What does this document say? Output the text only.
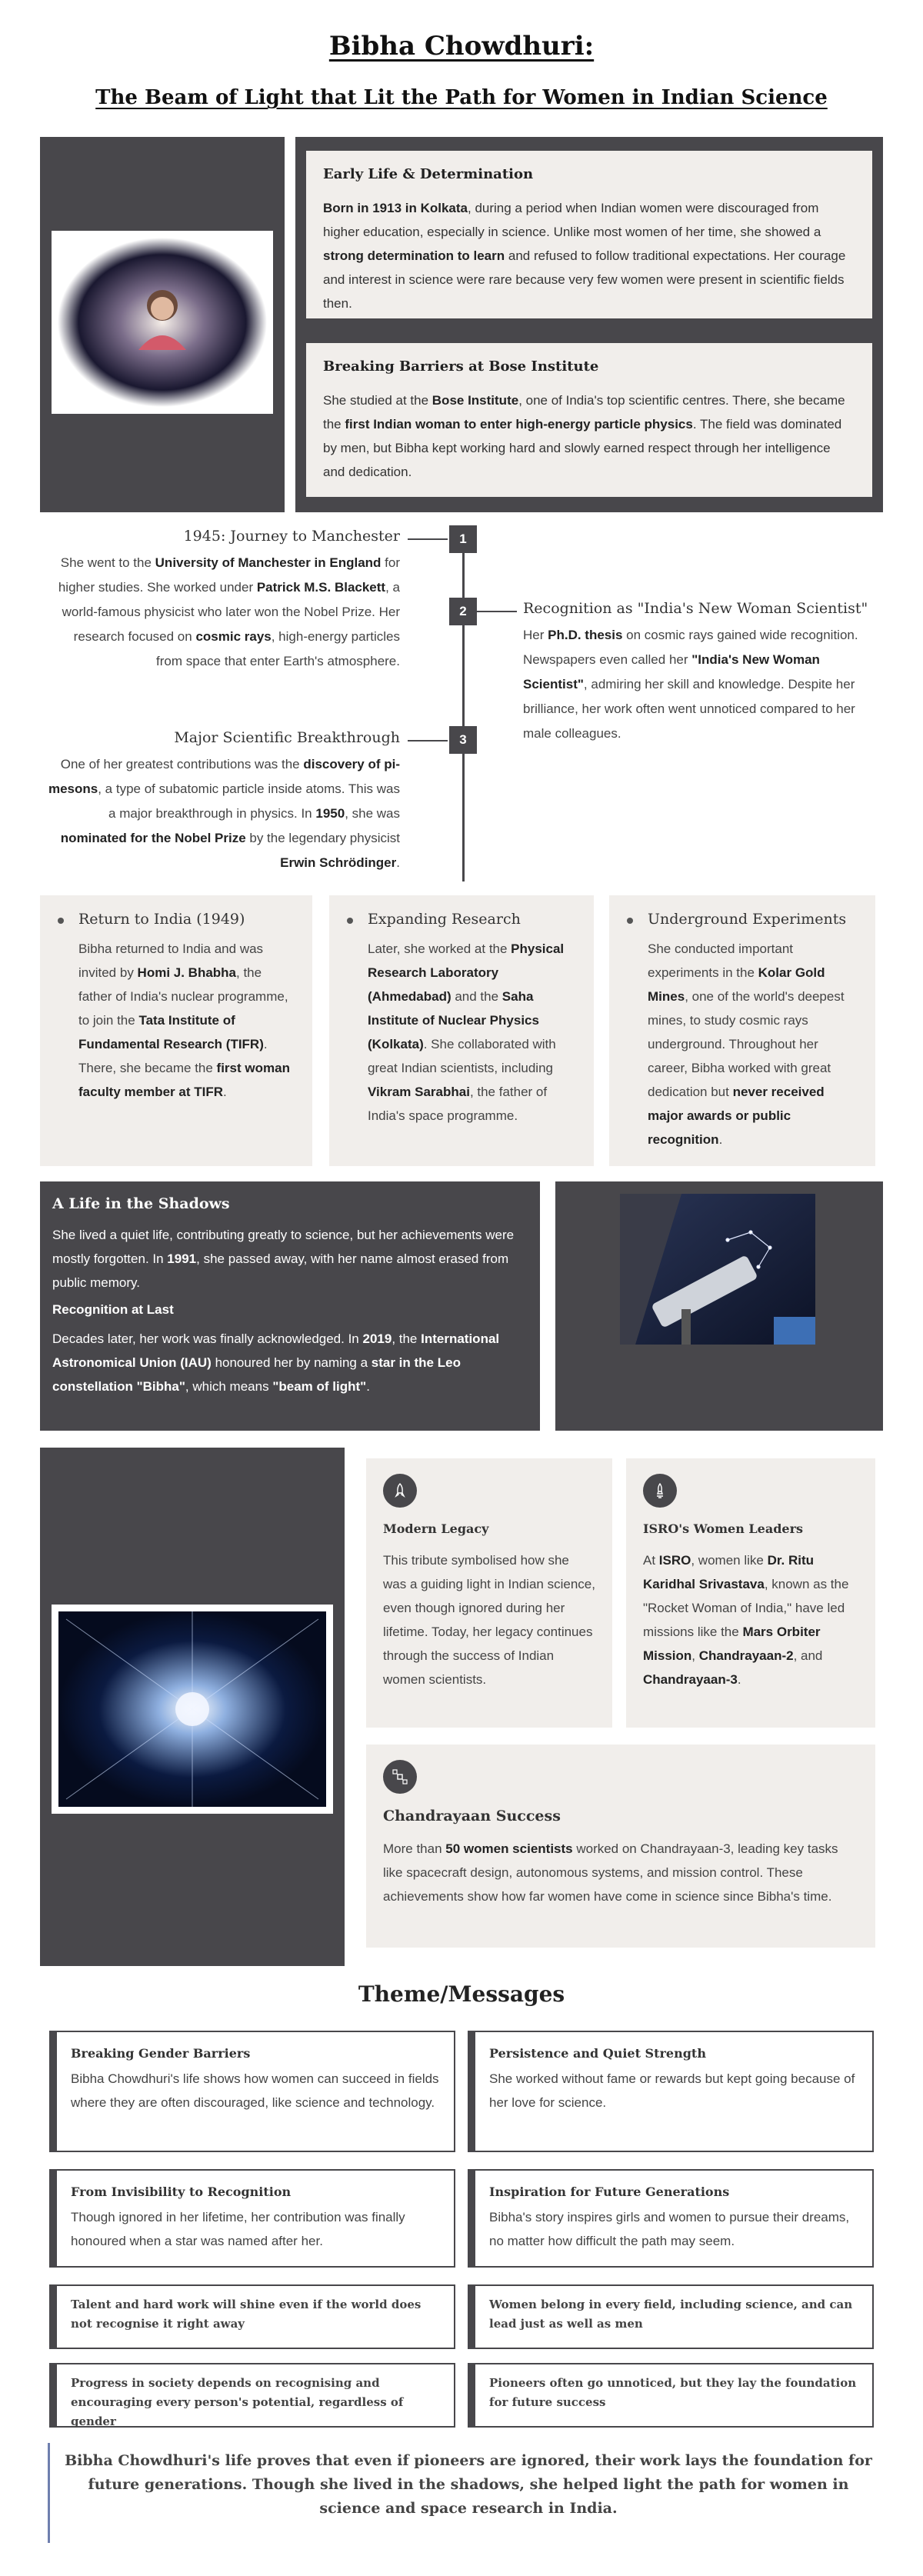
Bibha Chowdhuri:
The Beam of Light that Lit the Path for Women in Indian Science
Early Life & Determination

Born in 1913 in Kolkata, during a period when Indian women were discouraged from higher education, especially in science. Unlike most women of her time, she showed a strong determination to learn and refused to follow traditional expectations. Her courage and interest in science were rare because very few women were present in scientific fields then.

Breaking Barriers at Bose Institute

She studied at the Bose Institute, one of India's top scientific centres. There, she became the first Indian woman to enter high-energy particle physics. The field was dominated by men, but Bibha kept working hard and slowly earned respect through her intelligence and dedication.

1
2
3
1945: Journey to Manchester
She went to the University of Manchester in England for higher studies. She worked under Patrick M.S. Blackett, a world-famous physicist who later won the Nobel Prize. Her research focused on cosmic rays, high-energy particles from space that enter Earth's atmosphere.
Recognition as "India's New Woman Scientist"
Her Ph.D. thesis on cosmic rays gained wide recognition. Newspapers even called her "India's New Woman Scientist", admiring her skill and knowledge. Despite her brilliance, her work often went unnoticed compared to her male colleagues.
Major Scientific Breakthrough
One of her greatest contributions was the discovery of pi-mesons, a type of subatomic particle inside atoms. This was a major breakthrough in physics. In 1950, she was nominated for the Nobel Prize by the legendary physicist Erwin Schrödinger.
Return to India (1949)

Bibha returned to India and was invited by Homi J. Bhabha, the father of India's nuclear programme, to join the Tata Institute of Fundamental Research (TIFR). There, she became the first woman faculty member at TIFR.

Expanding Research

Later, she worked at the Physical Research Laboratory (Ahmedabad) and the Saha Institute of Nuclear Physics (Kolkata). She collaborated with great Indian scientists, including Vikram Sarabhai, the father of India's space programme.

Underground Experiments

She conducted important experiments in the Kolar Gold Mines, one of the world's deepest mines, to study cosmic rays underground. Throughout her career, Bibha worked with great dedication but never received major awards or public recognition.

A Life in the Shadows

She lived a quiet life, contributing greatly to science, but her achievements were mostly forgotten. In 1991, she passed away, with her name almost erased from public memory.

Recognition at Last

Decades later, her work was finally acknowledged. In 2019, the International Astronomical Union (IAU) honoured her by naming a star in the Leo constellation "Bibha", which means "beam of light".

Modern Legacy

This tribute symbolised how she was a guiding light in Indian science, even though ignored during her lifetime. Today, her legacy continues through the success of Indian women scientists.

ISRO's Women Leaders

At ISRO, women like Dr. Ritu Karidhal Srivastava, known as the "Rocket Woman of India," have led missions like the Mars Orbiter Mission, Chandrayaan-2, and Chandrayaan-3.

Chandrayaan Success

More than 50 women scientists worked on Chandrayaan-3, leading key tasks like spacecraft design, autonomous systems, and mission control. These achievements show how far women have come in science since Bibha's time.

Theme/Messages
Breaking Gender Barriers

Bibha Chowdhuri's life shows how women can succeed in fields where they are often discouraged, like science and technology.

Persistence and Quiet Strength

She worked without fame or rewards but kept going because of her love for science.

From Invisibility to Recognition

Though ignored in her lifetime, her contribution was finally honoured when a star was named after her.

Inspiration for Future Generations

Bibha's story inspires girls and women to pursue their dreams, no matter how difficult the path may seem.

Talent and hard work will shine even if the world does not recognise it right away

Women belong in every field, including science, and can lead just as well as men

Progress in society depends on recognising and encouraging every person's potential, regardless of gender

Pioneers often go unnoticed, but they lay the foundation for future success

Bibha Chowdhuri's life proves that even if pioneers are ignored, their work lays the foundation for future generations. Though she lived in the shadows, she helped light the path for women in science and space research in India.
